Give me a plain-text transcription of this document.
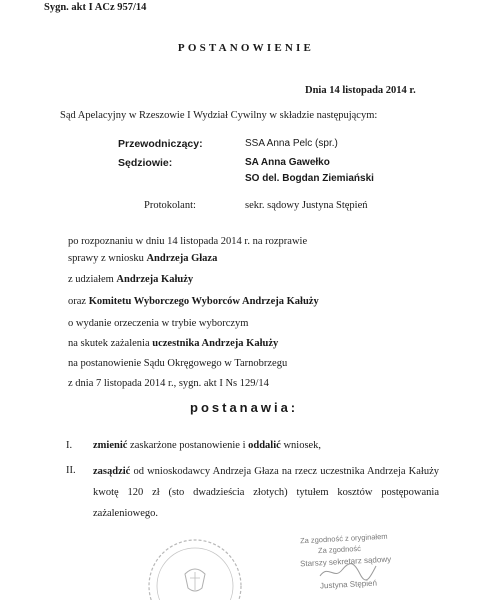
Sygn. akt I ACz 957/14
POSTANOWIENIE
Dnia 14 listopada 2014 r.
Sąd Apelacyjny w Rzeszowie I Wydział Cywilny w składzie następującym:
Przewodniczący:	SSA Anna Pelc (spr.)
Sędziowie:	SA Anna Gawełko
SO del. Bogdan Ziemiański
Protokolant:	sekr. sądowy Justyna Stępień
po rozpoznaniu w dniu 14 listopada 2014 r. na rozprawie
sprawy z wniosku Andrzeja Głaza
z udziałem Andrzeja Kałuży
oraz Komitetu Wyborczego Wyborców Andrzeja Kałuży
o wydanie orzeczenia w trybie wyborczym
na skutek zażalenia uczestnika Andrzeja Kałuży
na postanowienie Sądu Okręgowego w Tarnobrzegu
z dnia 7 listopada 2014 r., sygn. akt I Ns 129/14
postanawia:
I. zmienić zaskarżone postanowienie i oddalić wniosek,
II. zasądzić od wnioskodawcy Andrzeja Głaza na rzecz uczestnika Andrzeja Kałuży kwotę 120 zł (sto dwadzieścia złotych) tytułem kosztów postępowania zażaleniowego.
Za zgodność z oryginałem
Za zgodność
Starszy sekretarz sądowy
Justyna Stępień
